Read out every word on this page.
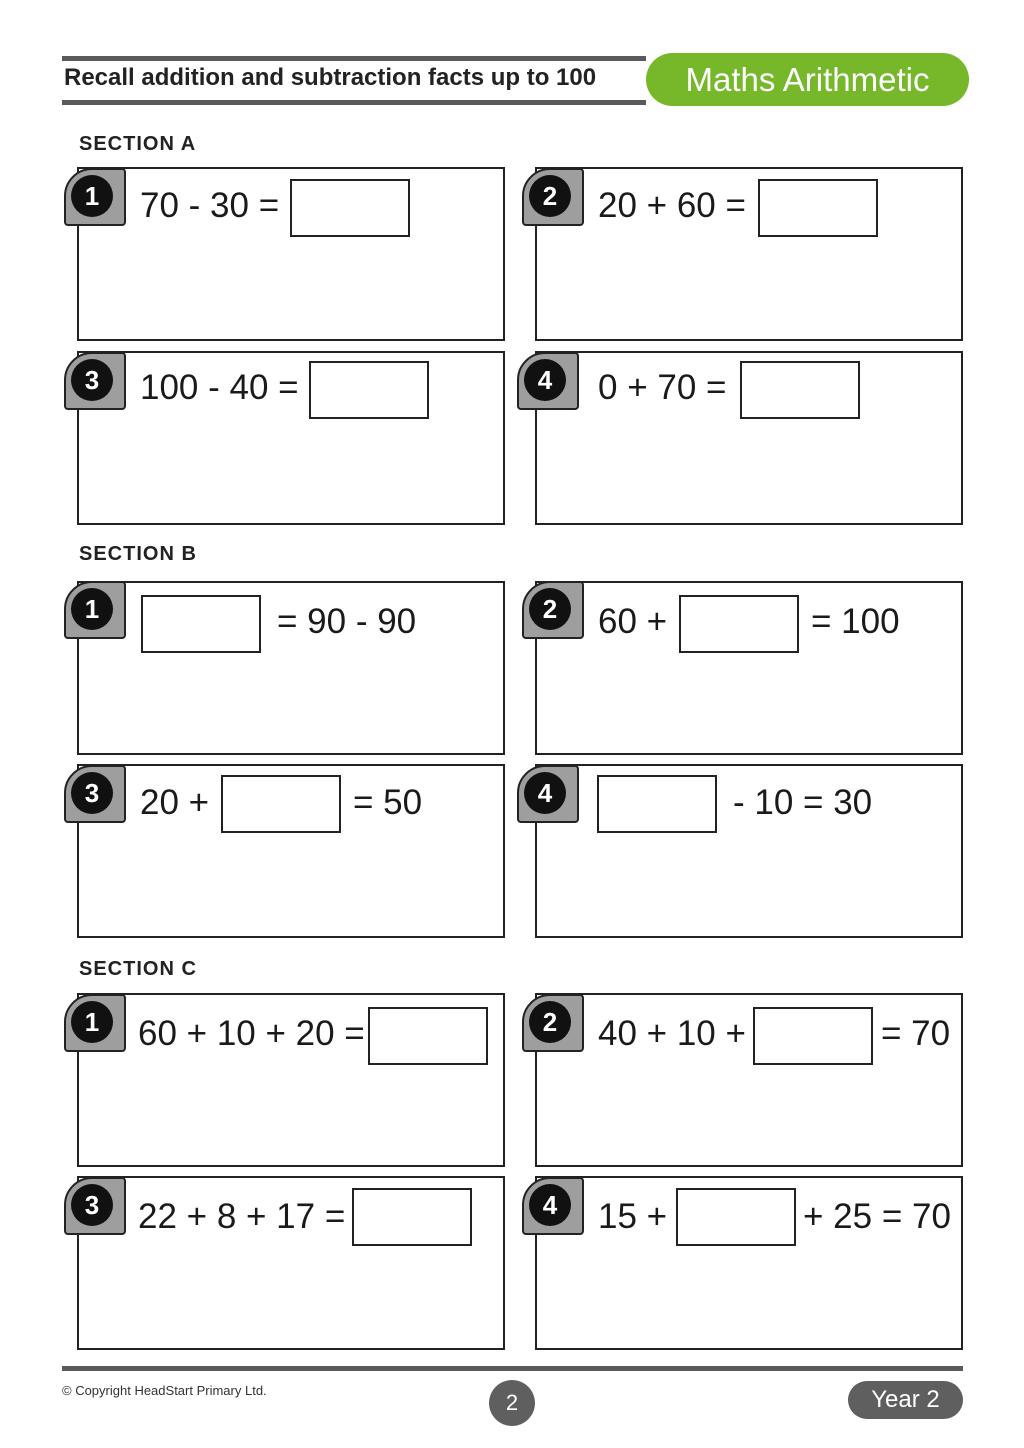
Recall addition and subtraction facts up to 100	Maths Arithmetic
SECTION A
SECTION B
SECTION C
1	70 - 30 =	2	20 + 60 =
3	100 - 40 =	4	0 + 70 =
1	= 90 - 90	2	60 +	= 100
3	20 +	= 50	4	- 10 = 30
1	60 + 10 + 20 =	2	40 + 10 +	= 70
3	22 + 8 + 17 =	4	15 +	+ 25 = 70
© Copyright HeadStart Primary Ltd.	2	Year 2
